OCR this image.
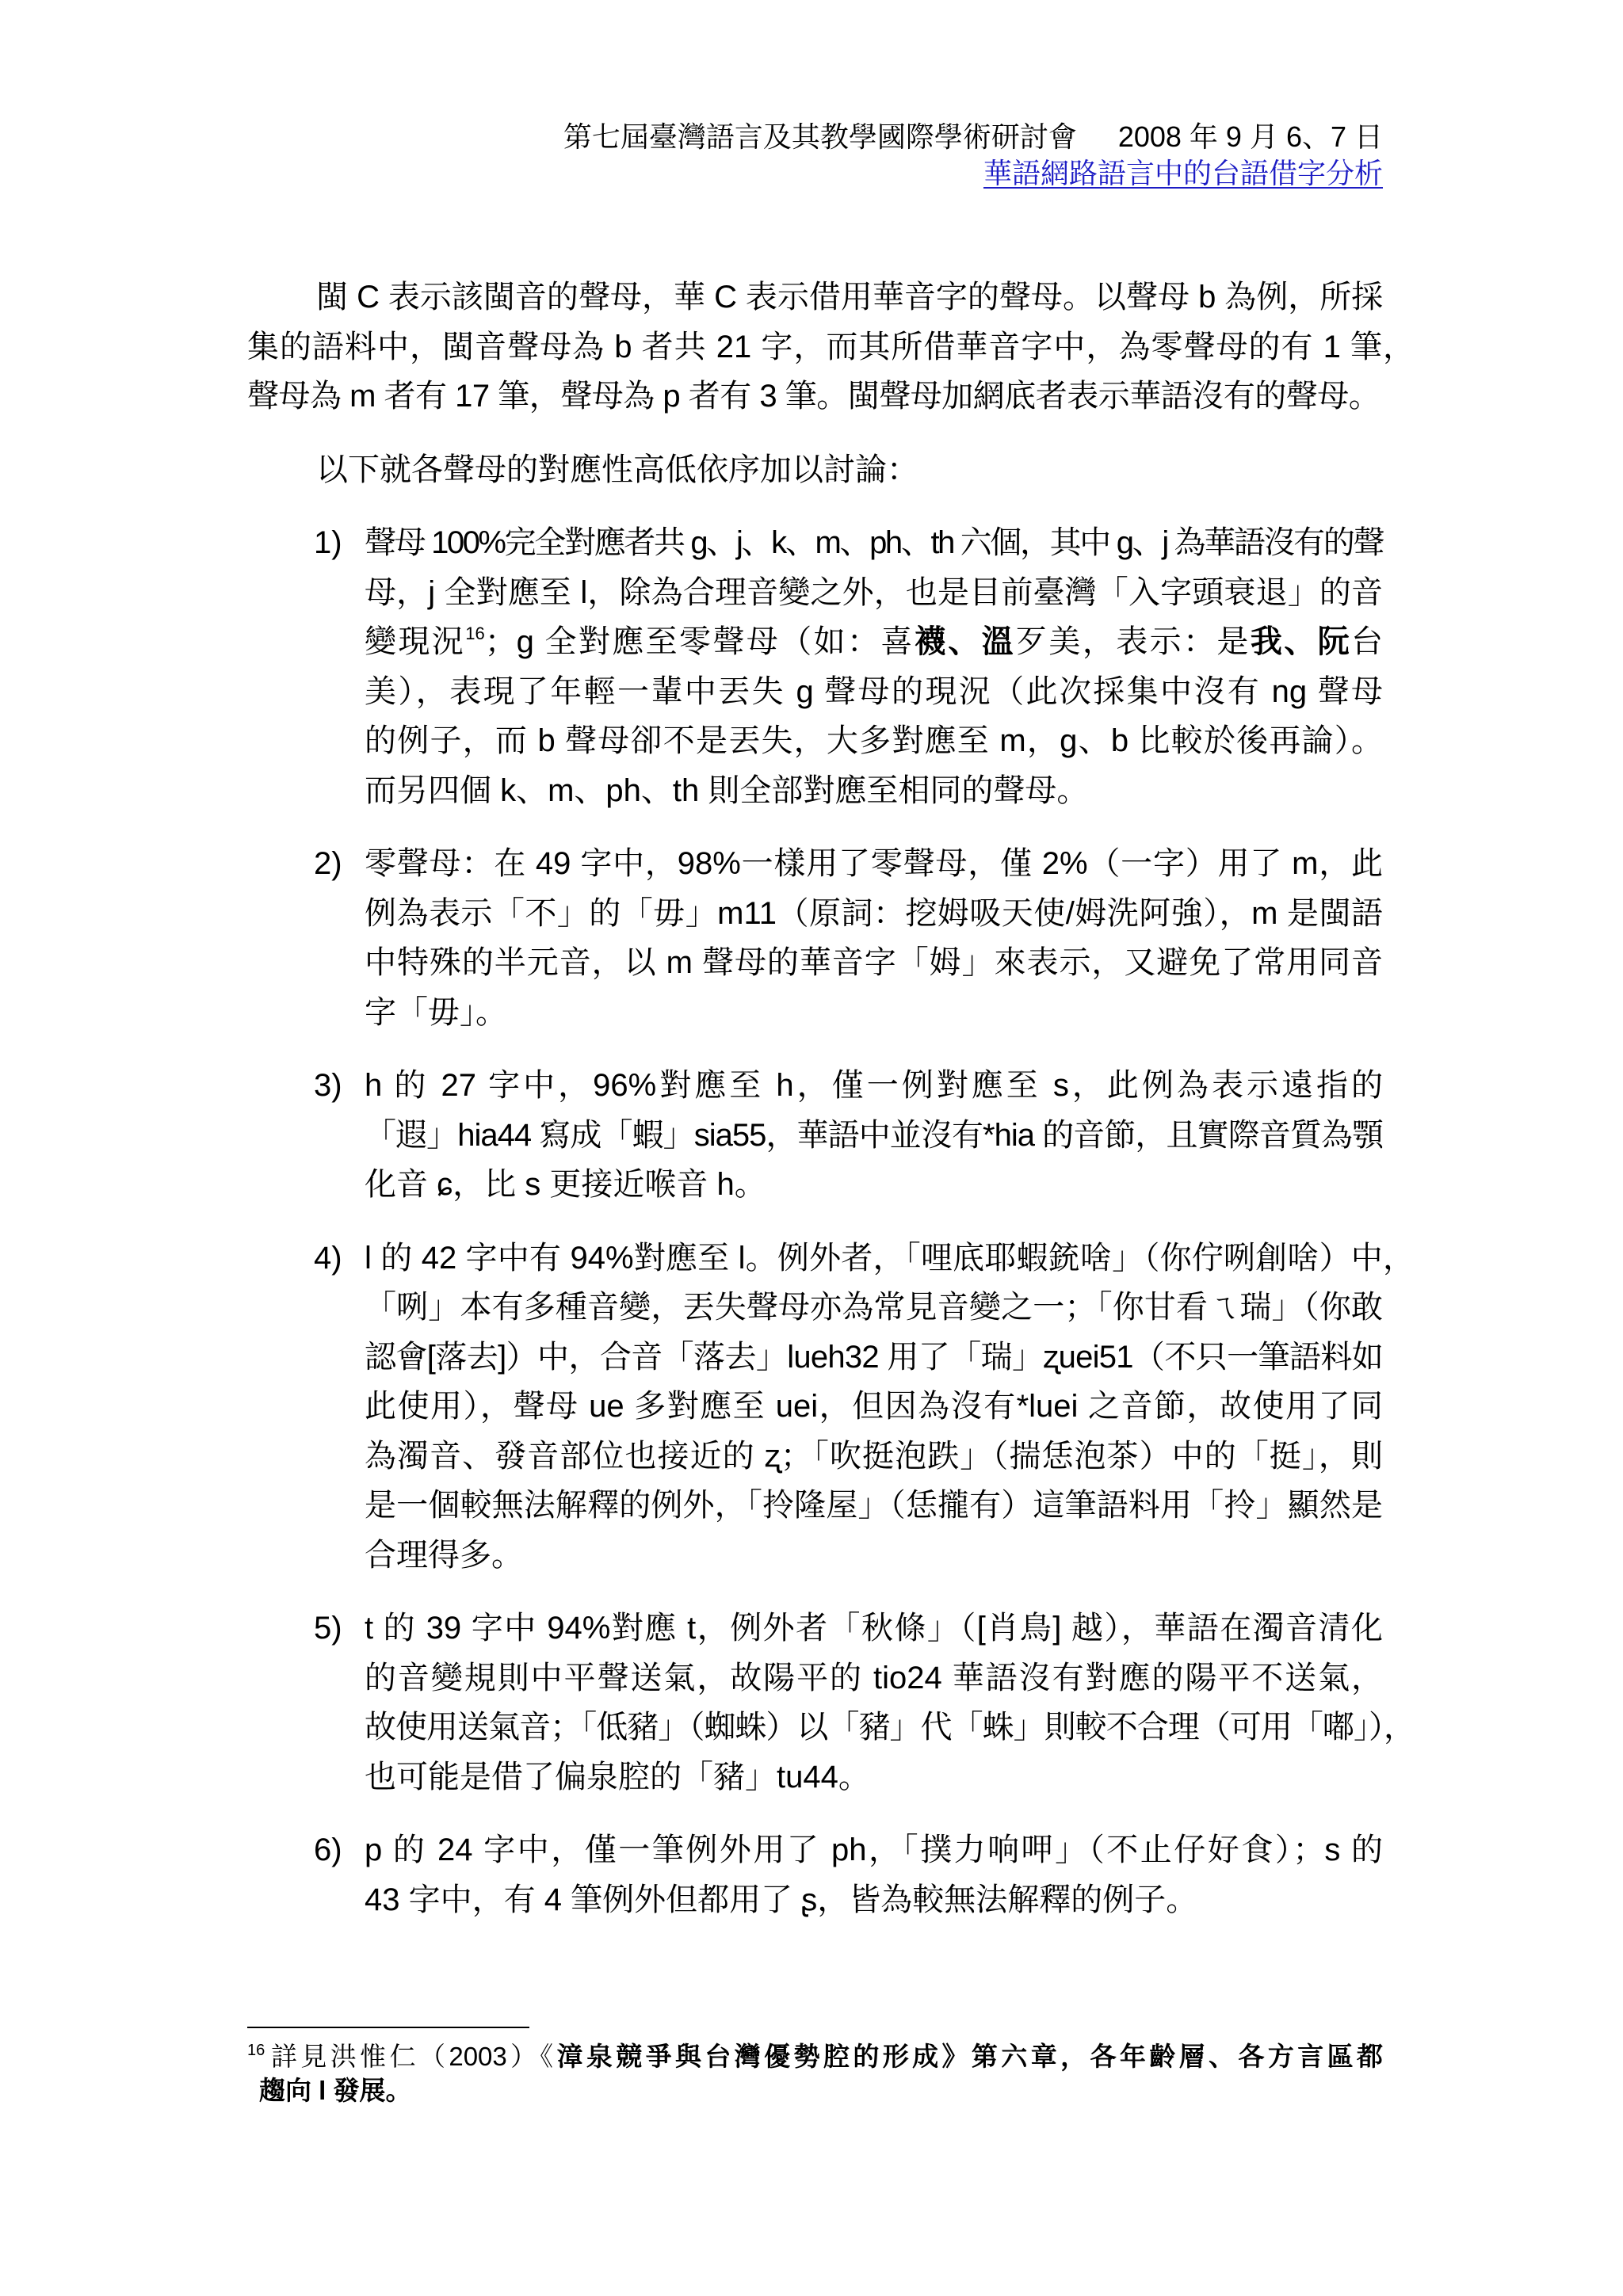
第七屆臺灣語言及其教學國際學術研討會 2008 年 9 月 6、7 日
華語網路語言中的台語借字分析
閩 C 表示該閩音的聲母，華 C 表示借用華音字的聲母。以聲母 b 為例，所採
集的語料中，閩音聲母為 b 者共 21 字，而其所借華音字中，為零聲母的有 1 筆，
聲母為 m 者有 17 筆，聲母為 p 者有 3 筆。閩聲母加網底者表示華語沒有的聲母。
以下就各聲母的對應性高低依序加以討論：
1) 聲母 100%完全對應者共 g、j、k、m、ph、th 六個，其中 g、j 為華語沒有的聲
母，j 全對應至 l，除為合理音變之外，也是目前臺灣「入字頭衰退」的音
變現況$^{16}$；g 全對應至零聲母（如：喜襪、溫歹美，表示：是我、阮台
美），表現了年輕一輩中丟失 g 聲母的現況（此次採集中沒有 ng 聲母
的例子，而 b 聲母卻不是丟失，大多對應至 m，g、b 比較於後再論）。
而另四個 k、m、ph、th 則全部對應至相同的聲母。
2) 零聲母：在 49 字中，98%一樣用了零聲母，僅 2%（一字）用了 m，此
例為表示「不」的「毋」m11（原詞：挖姆吸天使/姆洗阿強），m 是閩語
中特殊的半元音，以 m 聲母的華音字「姆」來表示，又避免了常用同音
字「毋」。
3) h 的 27 字中，96%對應至 h，僅一例對應至 s，此例為表示遠指的
「遐」hia44 寫成「蝦」sia55，華語中並沒有*hia 的音節，且實際音質為顎
化音 ɕ，比 s 更接近喉音 h。
4) l 的 42 字中有 94%對應至 l。例外者，「哩底耶蝦銃啥」（你佇咧創啥）中，
「咧」本有多種音變，丟失聲母亦為常見音變之一；「你甘看ㄟ瑞」（你敢
認會[落去]）中，合音「落去」lueh32 用了「瑞」ʐuei51（不只一筆語料如
此使用），聲母 ue 多對應至 uei，但因為沒有*luei 之音節，故使用了同
為濁音、發音部位也接近的 ʐ；「吹挺泡跌」（揣恁泡茶）中的「挺」，則
是一個較無法解釋的例外，「拎隆屋」（恁攏有）這筆語料用「拎」顯然是
合理得多。
5) t 的 39 字中 94%對應 t，例外者「秋條」（[肖鳥] 越），華語在濁音清化
的音變規則中平聲送氣，故陽平的 tio24 華語沒有對應的陽平不送氣，
故使用送氣音；「低豬」（蜘蛛）以「豬」代「蛛」則較不合理（可用「嘟」），
也可能是借了偏泉腔的「豬」tu44。
6) p 的 24 字中，僅一筆例外用了 ph，「撲力响呷」（不止仔好食）；s 的
43 字中，有 4 筆例外但都用了 ʂ，皆為較無法解釋的例子。
16 詳見洪惟仁（2003）《漳泉競爭與台灣優勢腔的形成》第六章，各年齡層、各方言區都
趨向 l 發展。
